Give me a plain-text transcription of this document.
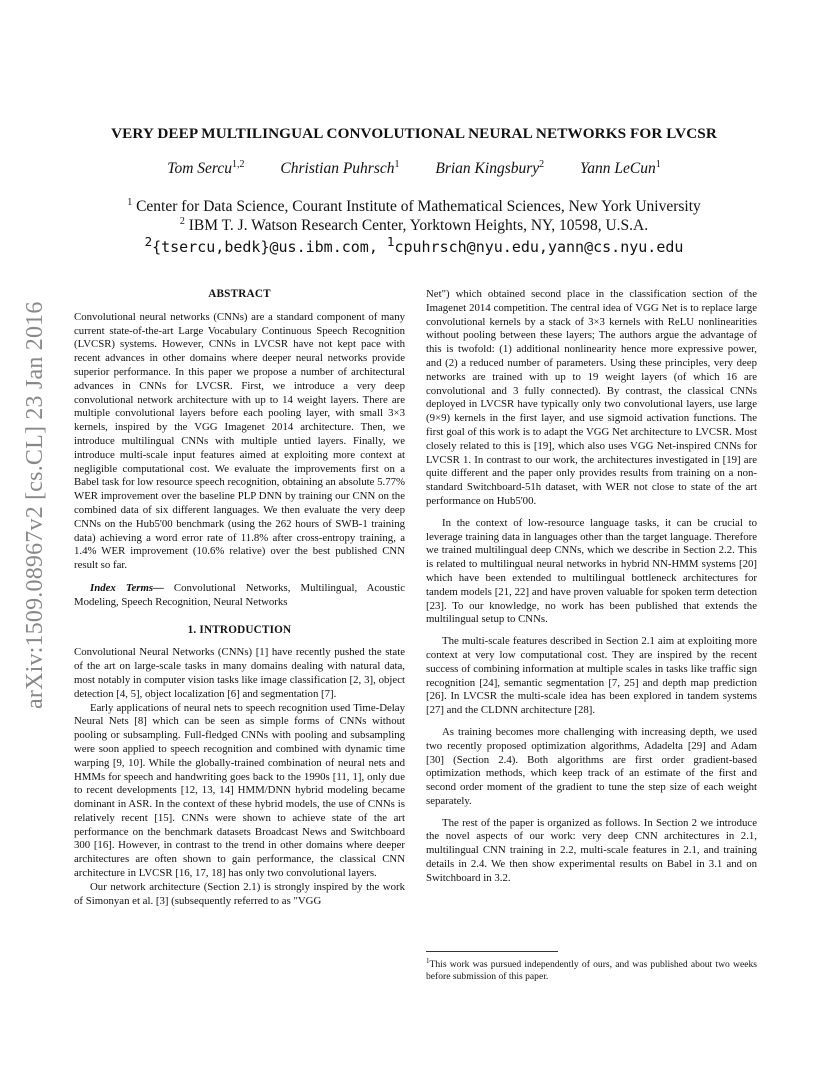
arXiv:1509.08967v2 [cs.CL] 23 Jan 2016
VERY DEEP MULTILINGUAL CONVOLUTIONAL NEURAL NETWORKS FOR LVCSR
Tom Sercu$^{1,2}$ Christian Puhrsch$^1$ Brian Kingsbury$^2$ Yann LeCun$^1$
$^1$ Center for Data Science, Courant Institute of Mathematical Sciences, New York University
$^2$ IBM T. J. Watson Research Center, Yorktown Heights, NY, 10598, U.S.A.
$^2${tsercu,bedk}@us.ibm.com, $^1$cpuhrsch@nyu.edu,yann@cs.nyu.edu
ABSTRACT

Convolutional neural networks (CNNs) are a standard component of many current state-of-the-art Large Vocabulary Continuous Speech Recognition (LVCSR) systems. However, CNNs in LVCSR have not kept pace with recent advances in other domains where deeper neural networks provide superior performance. In this paper we propose a number of architectural advances in CNNs for LVCSR. First, we introduce a very deep convolutional network architecture with up to 14 weight layers. There are multiple convolutional layers before each pooling layer, with small 3×3 kernels, inspired by the VGG Imagenet 2014 architecture. Then, we introduce multilingual CNNs with multiple untied layers. Finally, we introduce multi-scale input features aimed at exploiting more context at negligible computational cost. We evaluate the improvements first on a Babel task for low resource speech recognition, obtaining an absolute 5.77% WER improvement over the baseline PLP DNN by training our CNN on the combined data of six different languages. We then evaluate the very deep CNNs on the Hub5'00 benchmark (using the 262 hours of SWB-1 training data) achieving a word error rate of 11.8% after cross-entropy training, a 1.4% WER improvement (10.6% relative) over the best published CNN result so far.

Index Terms— Convolutional Networks, Multilingual, Acoustic Modeling, Speech Recognition, Neural Networks

1. INTRODUCTION

Convolutional Neural Networks (CNNs) [1] have recently pushed the state of the art on large-scale tasks in many domains dealing with natural data, most notably in computer vision tasks like image classification [2, 3], object detection [4, 5], object localization [6] and segmentation [7].

Early applications of neural nets to speech recognition used Time-Delay Neural Nets [8] which can be seen as simple forms of CNNs without pooling or subsampling. Full-fledged CNNs with pooling and subsampling were soon applied to speech recognition and combined with dynamic time warping [9, 10]. While the globally-trained combination of neural nets and HMMs for speech and handwriting goes back to the 1990s [11, 1], only due to recent developments [12, 13, 14] HMM/DNN hybrid modeling became dominant in ASR. In the context of these hybrid models, the use of CNNs is relatively recent [15]. CNNs were shown to achieve state of the art performance on the benchmark datasets Broadcast News and Switchboard 300 [16]. However, in contrast to the trend in other domains where deeper architectures are often shown to gain performance, the classical CNN architecture in LVCSR [16, 17, 18] has only two convolutional layers.

Our network architecture (Section 2.1) is strongly inspired by the work of Simonyan et al. [3] (subsequently referred to as "VGG

Net") which obtained second place in the classification section of the Imagenet 2014 competition. The central idea of VGG Net is to replace large convolutional kernels by a stack of 3×3 kernels with ReLU nonlinearities without pooling between these layers; The authors argue the advantage of this is twofold: (1) additional nonlinearity hence more expressive power, and (2) a reduced number of parameters. Using these principles, very deep networks are trained with up to 19 weight layers (of which 16 are convolutional and 3 fully connected). By contrast, the classical CNNs deployed in LVCSR have typically only two convolutional layers, use large (9×9) kernels in the first layer, and use sigmoid activation functions. The first goal of this work is to adapt the VGG Net architecture to LVCSR. Most closely related to this is [19], which also uses VGG Net-inspired CNNs for LVCSR 1. In contrast to our work, the architectures investigated in [19] are quite different and the paper only provides results from training on a non-standard Switchboard-51h dataset, with WER not close to state of the art performance on Hub5'00.

In the context of low-resource language tasks, it can be crucial to leverage training data in languages other than the target language. Therefore we trained multilingual deep CNNs, which we describe in Section 2.2. This is related to multilingual neural networks in hybrid NN-HMM systems [20] which have been extended to multilingual bottleneck architectures for tandem models [21, 22] and have proven valuable for spoken term detection [23]. To our knowledge, no work has been published that extends the multilingual setup to CNNs.

The multi-scale features described in Section 2.1 aim at exploiting more context at very low computational cost. They are inspired by the recent success of combining information at multiple scales in tasks like traffic sign recognition [24], semantic segmentation [7, 25] and depth map prediction [26]. In LVCSR the multi-scale idea has been explored in tandem systems [27] and the CLDNN architecture [28].

As training becomes more challenging with increasing depth, we used two recently proposed optimization algorithms, Adadelta [29] and Adam [30] (Section 2.4). Both algorithms are first order gradient-based optimization methods, which keep track of an estimate of the first and second order moment of the gradient to tune the step size of each weight separately.

The rest of the paper is organized as follows. In Section 2 we introduce the novel aspects of our work: very deep CNN architectures in 2.1, multilingual CNN training in 2.2, multi-scale features in 2.1, and training details in 2.4. We then show experimental results on Babel in 3.1 and on Switchboard in 3.2.

$^1$This work was pursued independently of ours, and was published about two weeks before submission of this paper.
